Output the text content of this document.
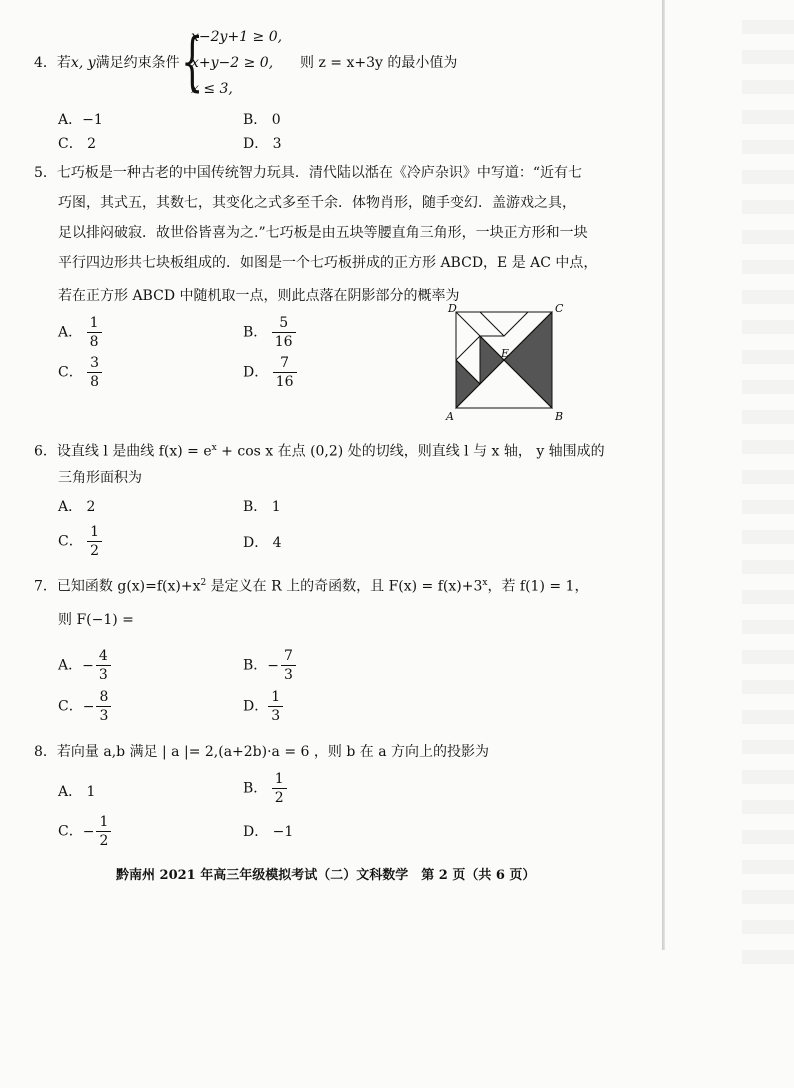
4．若x, y满足约束条件 {
x−2y+1 ≥ 0,
x+y−2 ≥ 0,
x ≤ 3,
则 z = x+3y 的最小值为
A．−1	B． 0
C． 2	D． 3
5．七巧板是一种古老的中国传统智力玩具．清代陆以湉在《冷庐杂识》中写道：“近有七
巧图，其式五，其数七，其变化之式多至千余．体物肖形，随手变幻．盖游戏之具，
足以排闷破寂．故世俗皆喜为之.”七巧板是由五块等腰直角三角形，一块正方形和一块
平行四边形共七块板组成的．如图是一个七巧板拼成的正方形 ABCD，E 是 AC 中点，
若在正方形 ABCD 中随机取一点，则此点落在阴影部分的概率为
A． $\frac{1}{8}$	B． $\frac{5}{16}$
C． $\frac{3}{8}$	D． $\frac{7}{16}$
D	C
E
A	B
6．设直线 l 是曲线 $f(x) = e^x + \cos x$ 在点 (0,2) 处的切线，则直线 l 与 x 轴， y 轴围成的
三角形面积为
A． 2	B． 1
C． $\frac{1}{2}$	D． 4
7．已知函数 $g(x)=f(x)+x^2$ 是定义在 R 上的奇函数，且 $F(x) = f(x)+3^x$，若 f(1) = 1，
则 F(−1) =
A．− $\frac{4}{3}$	B．− $\frac{7}{3}$
C．− $\frac{8}{3}$	D． $\frac{1}{3}$
8．若向量 a,b 满足 | a |= 2,(a+2b)·a = 6 ，则 b 在 a 方向上的投影为
A． 1	B． $\frac{1}{2}$
C．− $\frac{1}{2}$	D． −1
黔南州 2021 年高三年级模拟考试（二）文科数学　第 2 页（共 6 页）
